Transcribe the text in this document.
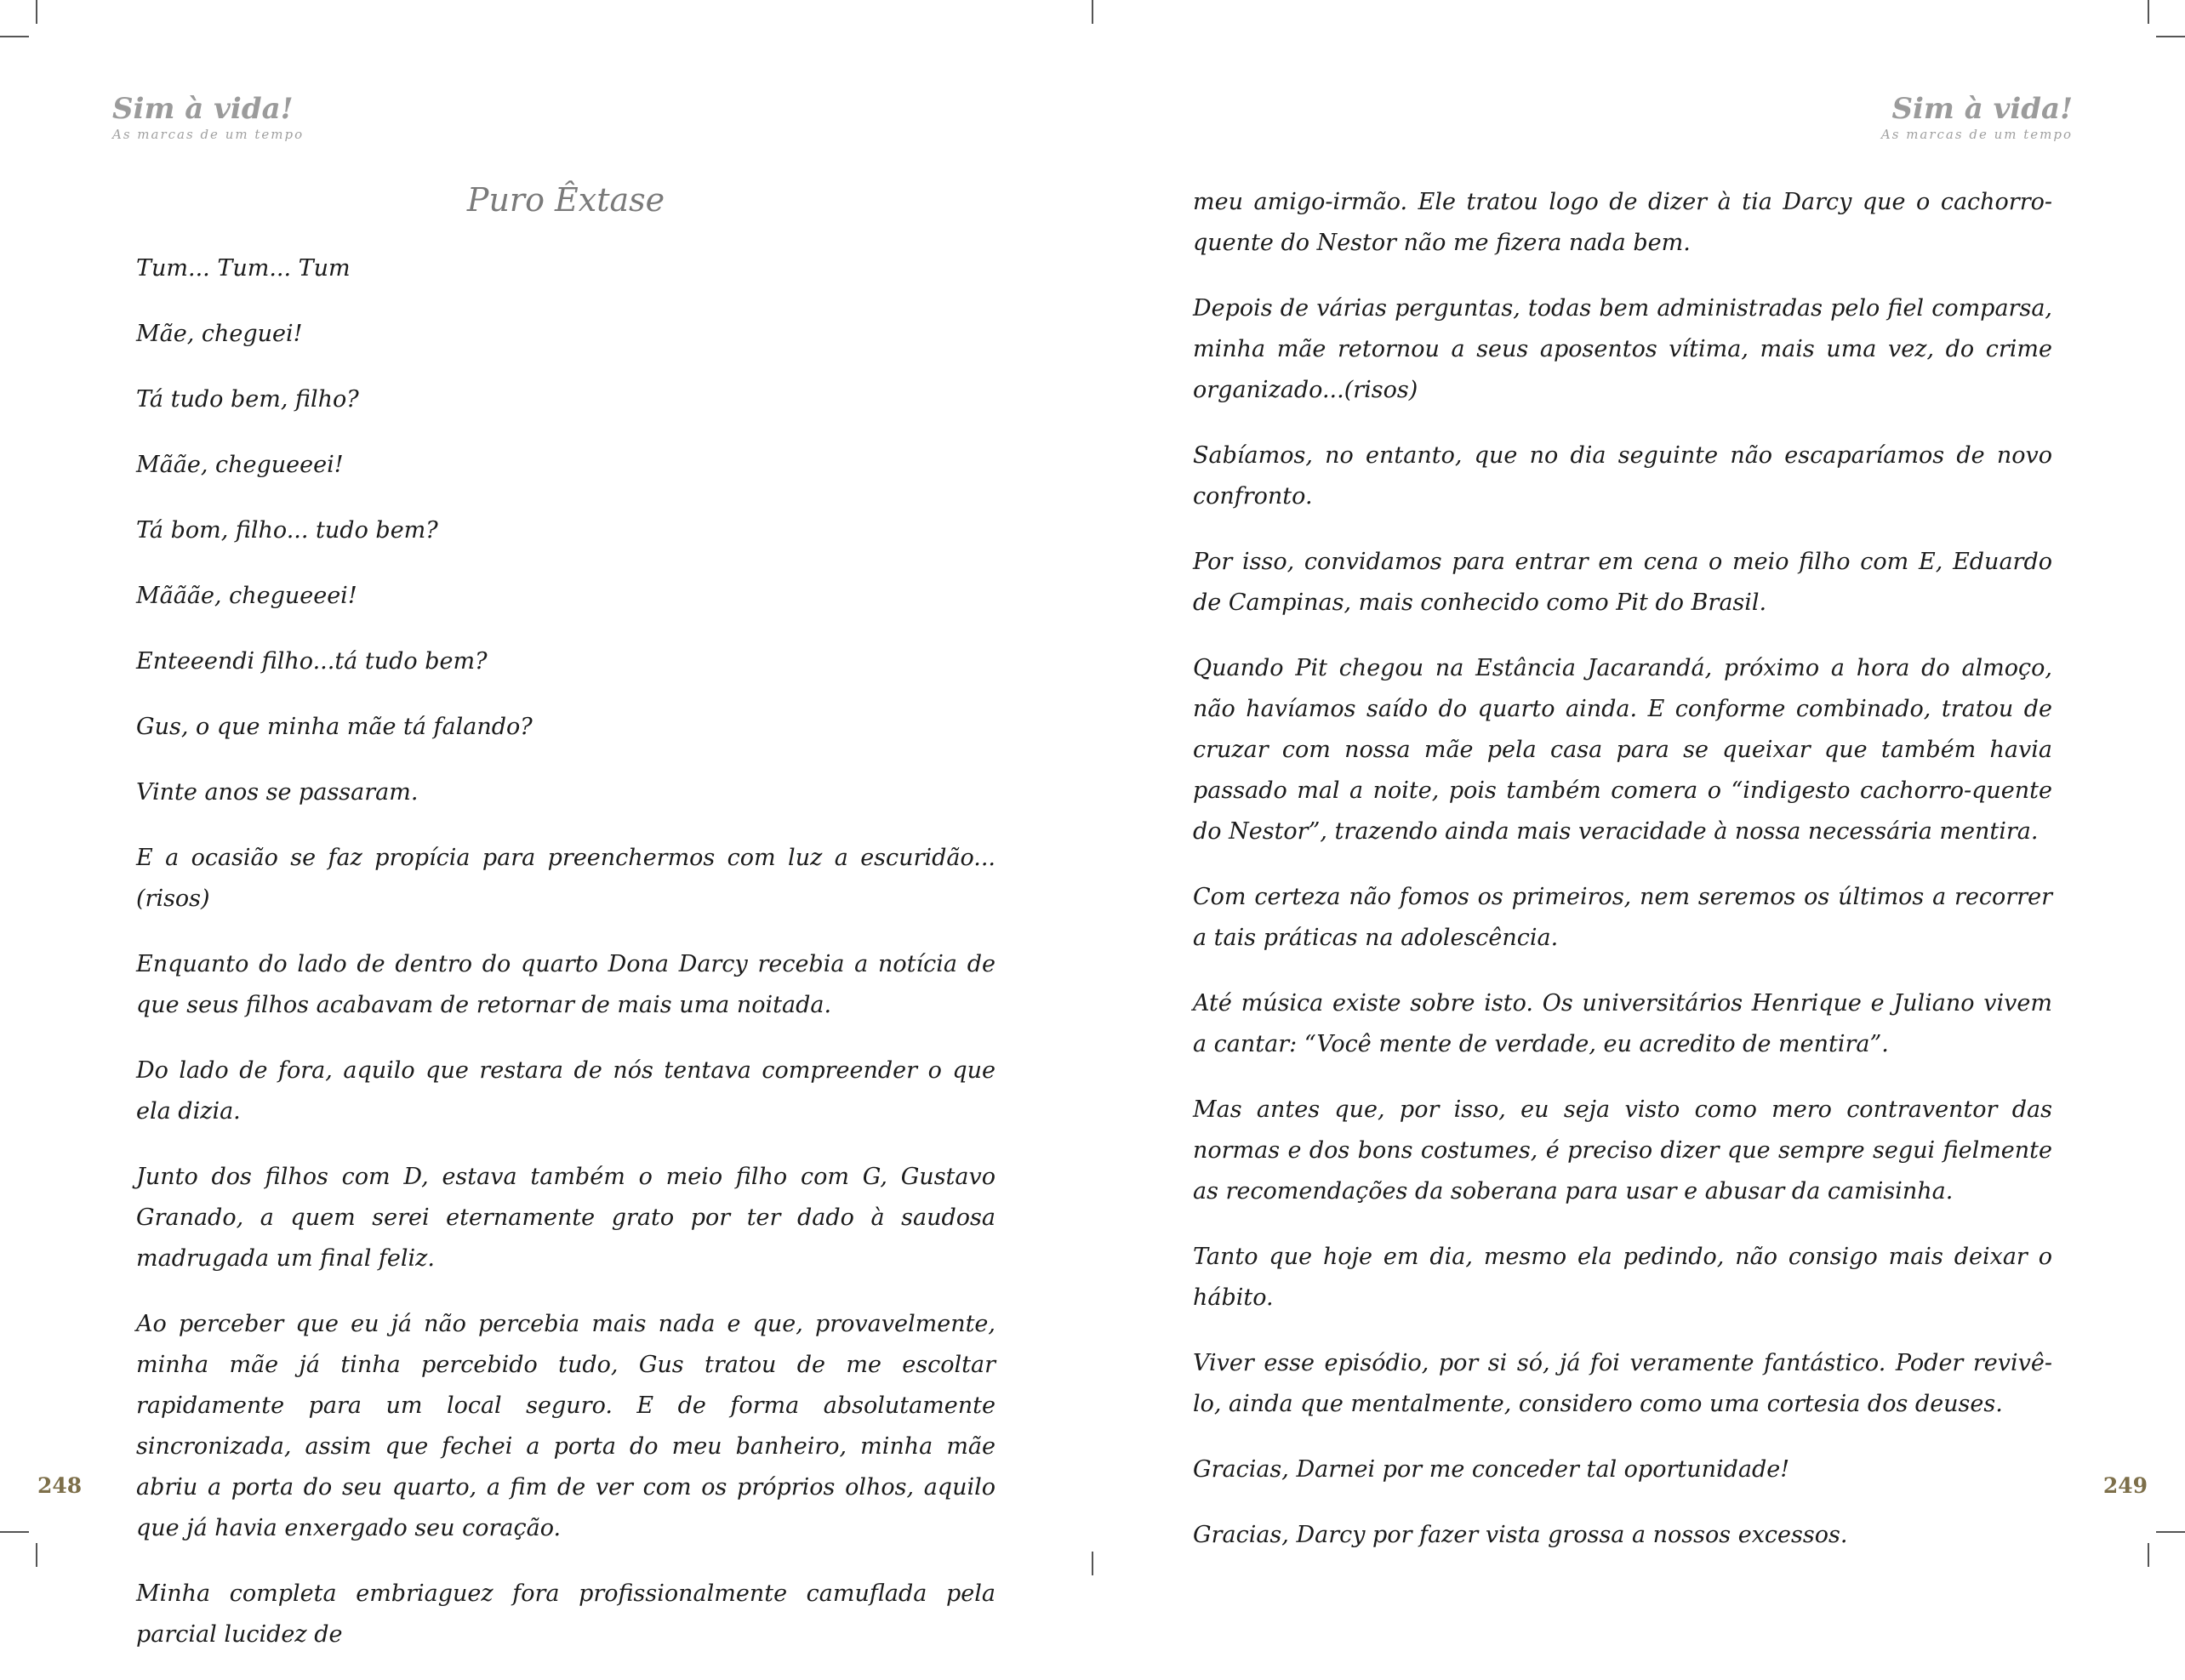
Sim à vida!
As marcas de um tempo
Puro Êxtase

Tum... Tum... Tum

Mãe, cheguei!

Tá tudo bem, filho?

Mããe, chegueeei!

Tá bom, filho... tudo bem?

Mãããe, chegueeei!

Enteeendi filho...tá tudo bem?

Gus, o que minha mãe tá falando?

Vinte anos se passaram.

E a ocasião se faz propícia para preenchermos com luz a escuridão...(risos)

Enquanto do lado de dentro do quarto Dona Darcy recebia a notícia de que seus filhos acabavam de retornar de mais uma noitada.

Do lado de fora, aquilo que restara de nós tentava compreender o que ela dizia.

Junto dos filhos com D, estava também o meio filho com G, Gustavo Granado, a quem serei eternamente grato por ter dado à saudosa madrugada um final feliz.

Ao perceber que eu já não percebia mais nada e que, provavelmente, minha mãe já tinha percebido tudo, Gus tratou de me escoltar rapidamente para um local seguro. E de forma absolutamente sincronizada, assim que fechei a porta do meu banheiro, minha mãe abriu a porta do seu quarto, a fim de ver com os próprios olhos, aquilo que já havia enxergado seu coração.

Minha completa embriaguez fora profissionalmente camuflada pela parcial lucidez de

248
Sim à vida!
As marcas de um tempo

meu amigo-irmão. Ele tratou logo de dizer à tia Darcy que o cachorro-quente do Nestor não me fizera nada bem.

Depois de várias perguntas, todas bem administradas pelo fiel comparsa, minha mãe retornou a seus aposentos vítima, mais uma vez, do crime organizado...(risos)

Sabíamos, no entanto, que no dia seguinte não escaparíamos de novo confronto.

Por isso, convidamos para entrar em cena o meio filho com E, Eduardo de Campinas, mais conhecido como Pit do Brasil.

Quando Pit chegou na Estância Jacarandá, próximo a hora do almoço, não havíamos saído do quarto ainda. E conforme combinado, tratou de cruzar com nossa mãe pela casa para se queixar que também havia passado mal a noite, pois também comera o “indigesto cachorro-quente do Nestor”, trazendo ainda mais veracidade à nossa necessária mentira.

Com certeza não fomos os primeiros, nem seremos os últimos a recorrer a tais práticas na adolescência.

Até música existe sobre isto. Os universitários Henrique e Juliano vivem a cantar: “Você mente de verdade, eu acredito de mentira”.

Mas antes que, por isso, eu seja visto como mero contraventor das normas e dos bons costumes, é preciso dizer que sempre segui fielmente as recomendações da soberana para usar e abusar da camisinha.

Tanto que hoje em dia, mesmo ela pedindo, não consigo mais deixar o hábito.

Viver esse episódio, por si só, já foi veramente fantástico. Poder revivê-lo, ainda que mentalmente, considero como uma cortesia dos deuses.

Gracias, Darnei por me conceder tal oportunidade!

Gracias, Darcy por fazer vista grossa a nossos excessos.

249
